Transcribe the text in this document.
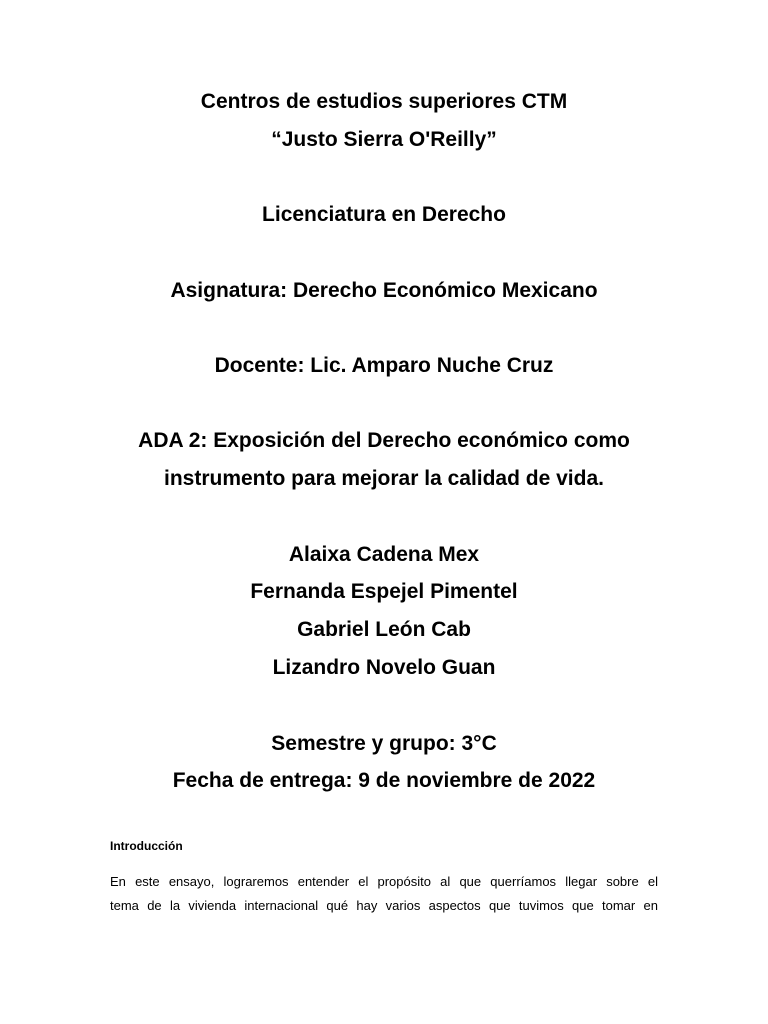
Centros de estudios superiores CTM
“Justo Sierra O'Reilly”
Licenciatura en Derecho
Asignatura: Derecho Económico Mexicano
Docente: Lic. Amparo Nuche Cruz
ADA 2: Exposición del Derecho económico como
instrumento para mejorar la calidad de vida.
Alaixa Cadena Mex
Fernanda Espejel Pimentel
Gabriel León Cab
Lizandro Novelo Guan
Semestre y grupo: 3°C
Fecha de entrega: 9 de noviembre de 2022
Introducción
En este ensayo, lograremos entender el propósito al que querríamos llegar sobre el
tema de la vivienda internacional qué hay varios aspectos que tuvimos que tomar en
